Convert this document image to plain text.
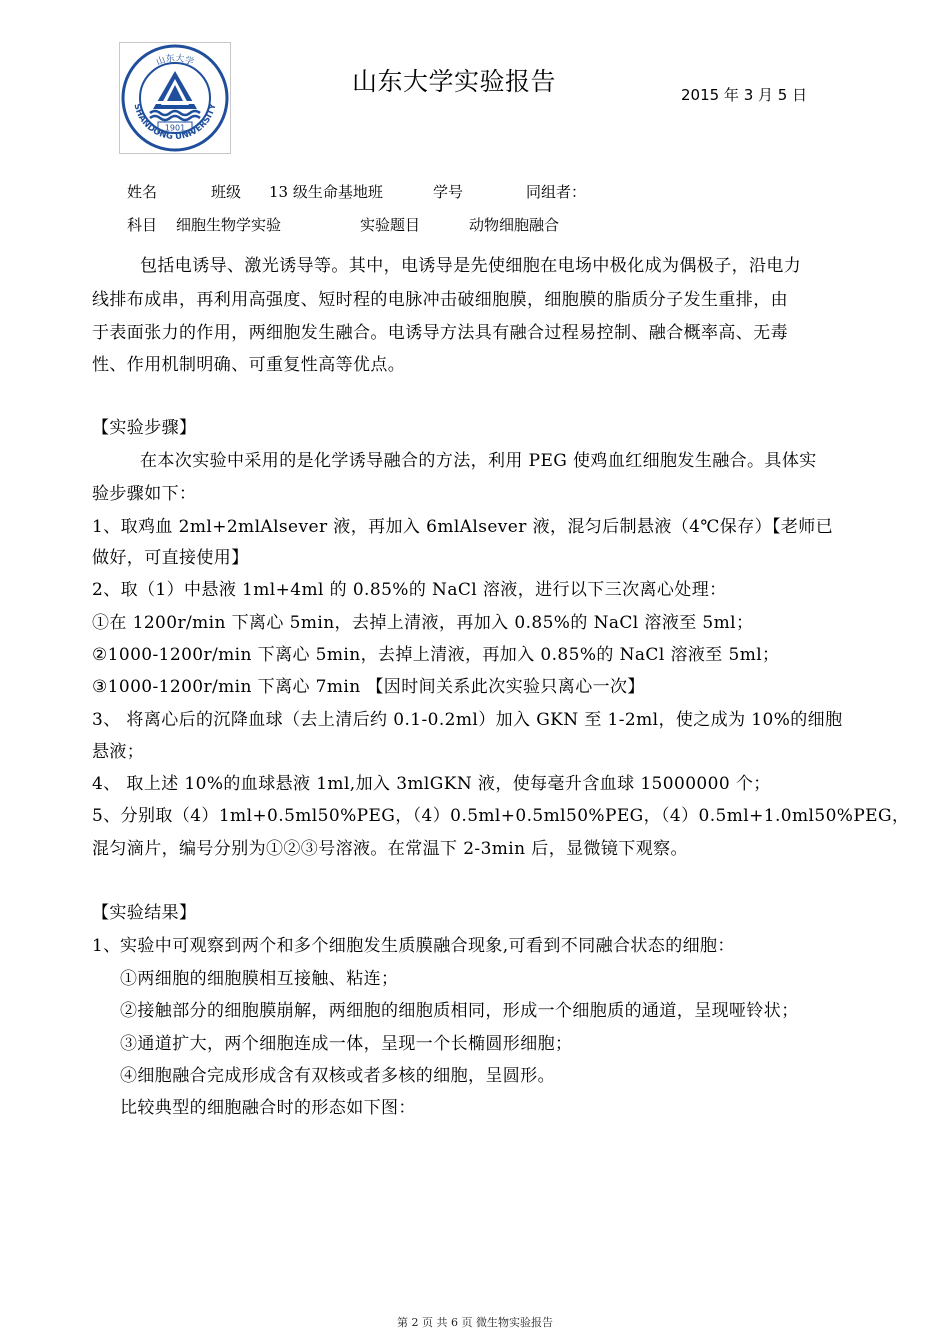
山东大学
SHANDONG UNIVERSITY
1901
山东大学实验报告	2015 年 3 月 5 日
姓名	班级 13 级生命基地班	学号	同组者：
科目 细胞生物学实验	实验题目	动物细胞融合
包括电诱导、激光诱导等。其中，电诱导是先使细胞在电场中极化成为偶极子，沿电力
线排布成串，再利用高强度、短时程的电脉冲击破细胞膜，细胞膜的脂质分子发生重排，由
于表面张力的作用，两细胞发生融合。电诱导方法具有融合过程易控制、融合概率高、无毒
性、作用机制明确、可重复性高等优点。
【实验步骤】
在本次实验中采用的是化学诱导融合的方法，利用 PEG 使鸡血红细胞发生融合。具体实
验步骤如下：
1、取鸡血 2ml+2mlAlsever 液，再加入 6mlAlsever 液，混匀后制悬液（4℃保存）【老师已
做好，可直接使用】
2、取（1）中悬液 1ml+4ml 的 0.85%的 NaCl 溶液，进行以下三次离心处理：
①在 1200r/min 下离心 5min，去掉上清液，再加入 0.85%的 NaCl 溶液至 5ml；
②1000-1200r/min 下离心 5min，去掉上清液，再加入 0.85%的 NaCl 溶液至 5ml；
③1000-1200r/min 下离心 7min 【因时间关系此次实验只离心一次】
3、 将离心后的沉降血球（去上清后约 0.1-0.2ml）加入 GKN 至 1-2ml，使之成为 10%的细胞
悬液；
4、 取上述 10%的血球悬液 1ml,加入 3mlGKN 液，使每毫升含血球 15000000 个；
5、分别取（4）1ml+0.5ml50%PEG，（4）0.5ml+0.5ml50%PEG，（4）0.5ml+1.0ml50%PEG，
混匀滴片，编号分别为①②③号溶液。在常温下 2-3min 后，显微镜下观察。
【实验结果】
1、 实验中可观察到两个和多个细胞发生质膜融合现象,可看到不同融合状态的细胞：
①两细胞的细胞膜相互接触、粘连；
②接触部分的细胞膜崩解，两细胞的细胞质相同，形成一个细胞质的通道，呈现哑铃状；
③通道扩大，两个细胞连成一体，呈现一个长椭圆形细胞；
④细胞融合完成形成含有双核或者多核的细胞，呈圆形。
比较典型的细胞融合时的形态如下图：
第 2 页 共 6 页 微生物实验报告
